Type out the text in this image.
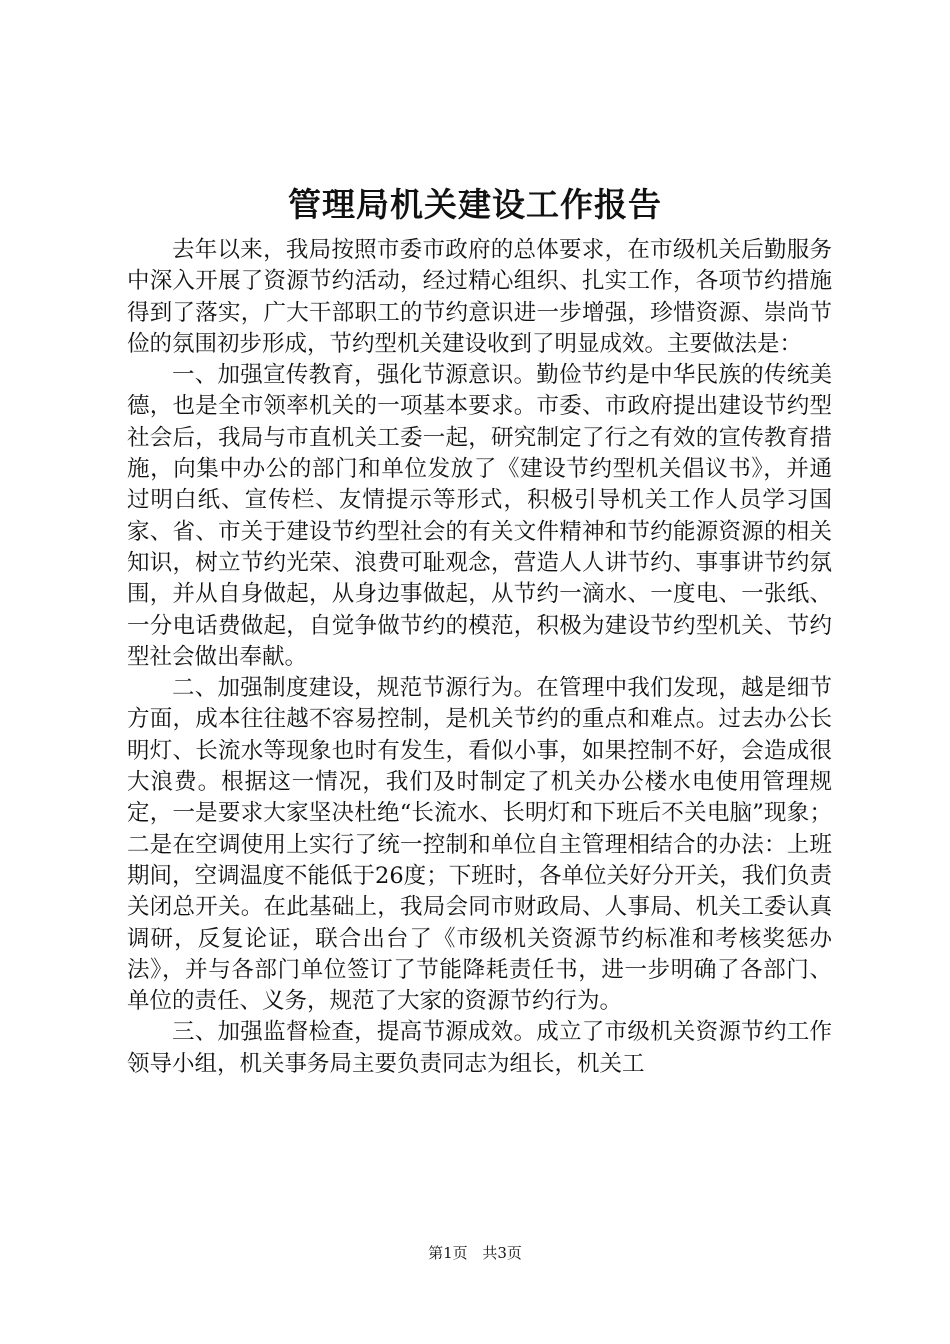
管理局机关建设工作报告

去年以来，我局按照市委市政府的总体要求，在市级机关后勤服务中深入开展了资源节约活动，经过精心组织、扎实工作，各项节约措施得到了落实，广大干部职工的节约意识进一步增强，珍惜资源、崇尚节俭的氛围初步形成，节约型机关建设收到了明显成效。主要做法是：

一、加强宣传教育，强化节源意识。勤俭节约是中华民族的传统美德，也是全市领率机关的一项基本要求。市委、市政府提出建设节约型社会后，我局与市直机关工委一起，研究制定了行之有效的宣传教育措施，向集中办公的部门和单位发放了《建设节约型机关倡议书》，并通过明白纸、宣传栏、友情提示等形式，积极引导机关工作人员学习国家、省、市关于建设节约型社会的有关文件精神和节约能源资源的相关知识，树立节约光荣、浪费可耻观念，营造人人讲节约、事事讲节约氛围，并从自身做起，从身边事做起，从节约一滴水、一度电、一张纸、一分电话费做起，自觉争做节约的模范，积极为建设节约型机关、节约型社会做出奉献。

二、加强制度建设，规范节源行为。在管理中我们发现，越是细节方面，成本往往越不容易控制，是机关节约的重点和难点。过去办公长明灯、长流水等现象也时有发生，看似小事，如果控制不好，会造成很大浪费。根据这一情况，我们及时制定了机关办公楼水电使用管理规定，一是要求大家坚决杜绝“长流水、长明灯和下班后不关电脑”现象；二是在空调使用上实行了统一控制和单位自主管理相结合的办法：上班期间，空调温度不能低于26度；下班时，各单位关好分开关，我们负责关闭总开关。在此基础上，我局会同市财政局、人事局、机关工委认真调研，反复论证，联合出台了《市级机关资源节约标准和考核奖惩办法》，并与各部门单位签订了节能降耗责任书，进一步明确了各部门、单位的责任、义务，规范了大家的资源节约行为。

三、加强监督检查，提高节源成效。成立了市级机关资源节约工作领导小组，机关事务局主要负责同志为组长，机关工

第1页 共3页
